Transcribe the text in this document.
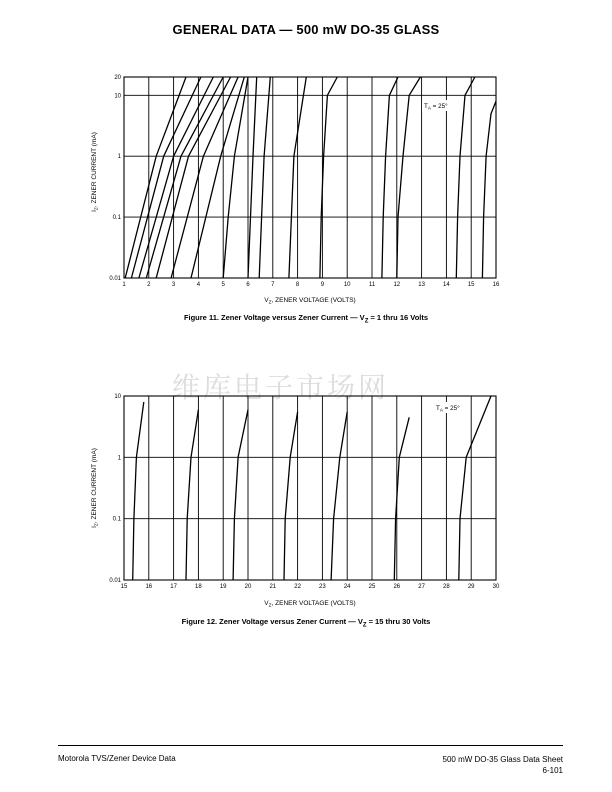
GENERAL DATA — 500 mW DO-35 GLASS
维库电子市场网
1	2	3	4	5	6	7	8	9	10	11	12	13	14	15	16
0.01
0.1
1
10
20
$I_Z$, ZENER CURRENT (mA)
$V_Z$, ZENER VOLTAGE (VOLTS)
$T_A = 25^\circ$
Figure 11. Zener Voltage versus Zener Current — $V_Z = 1$ thru 16 Volts
15	16	17	18	19	20	21	22	23	24	25	26	27	28	29	30
0.01
0.1
1
10
$I_Z$, ZENER CURRENT (mA)
$V_Z$, ZENER VOLTAGE (VOLTS)
$T_A = 25^\circ$
Figure 12. Zener Voltage versus Zener Current — $V_Z = 15$ thru 30 Volts
Motorola TVS/Zener Device Data	500 mW DO-35 Glass Data Sheet
6-101
